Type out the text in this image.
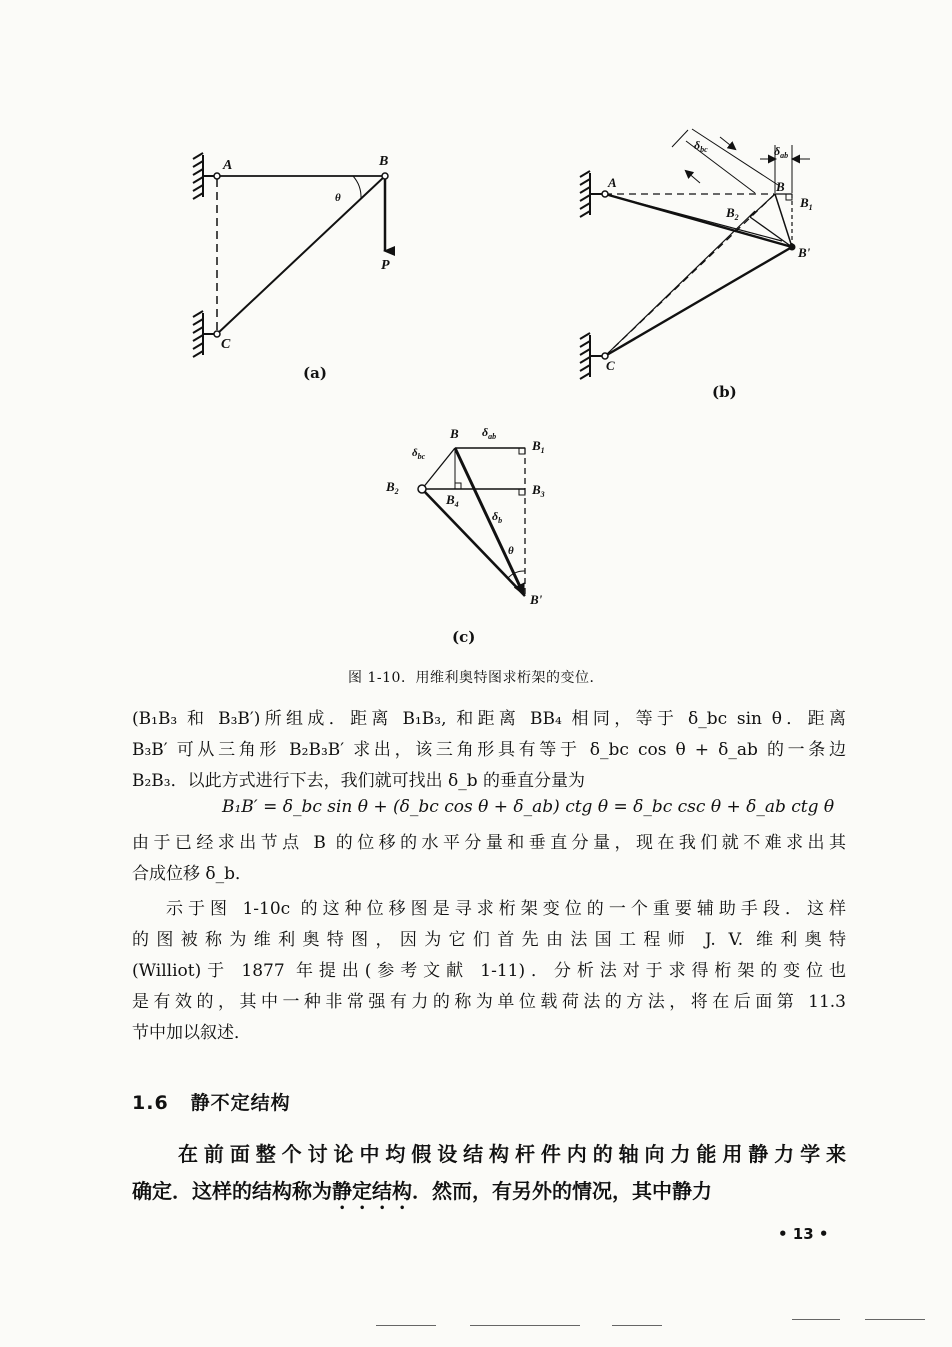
A	B
C
θ
P
(a)
A
C
B
$B_1$
$B_2$
B'
$\delta_{bc}$	$\delta_{ab}$
(b)
B
$B_1$
$B_3$
$B_2$
$B_4$
B'
$\delta_{ab}$
$\delta_{bc}$
$\delta_b$
θ
(c)
图 1-10．用维利奥特图求桁架的变位．
(B₁B₃ 和 B₃B′)所组成．距离 B₁B₃, 和距离 BB₄ 相同，等于 δ_bc sin θ．距离
B₃B′ 可从三角形 B₂B₃B′ 求出，该三角形具有等于 δ_bc cos θ + δ_ab 的一条边
B₂B₃．以此方式进行下去，我们就可找出 δ_b 的垂直分量为
B₁B′ = δ_bc sin θ + (δ_bc cos θ + δ_ab) ctg θ = δ_bc csc θ + δ_ab ctg θ
由于已经求出节点 B 的位移的水平分量和垂直分量，现在我们就不难求出其
合成位移 δ_b．
示于图 1-10c 的这种位移图是寻求桁架变位的一个重要辅助手段．这样
的图被称为维利奥特图，因为它们首先由法国工程师 J. V. 维利奥特
(Williot)于 1877 年提出(参考文献 1-11)．分析法对于求得桁架的变位也
是有效的，其中一种非常强有力的称为单位载荷法的方法，将在后面第 11.3
节中加以叙述．
1.6 静不定结构
在前面整个讨论中均假设结构杆件内的轴向力能用静力学来
确定．这样的结构称为静定结构．然而，有另外的情况，其中静力
• 13 •
